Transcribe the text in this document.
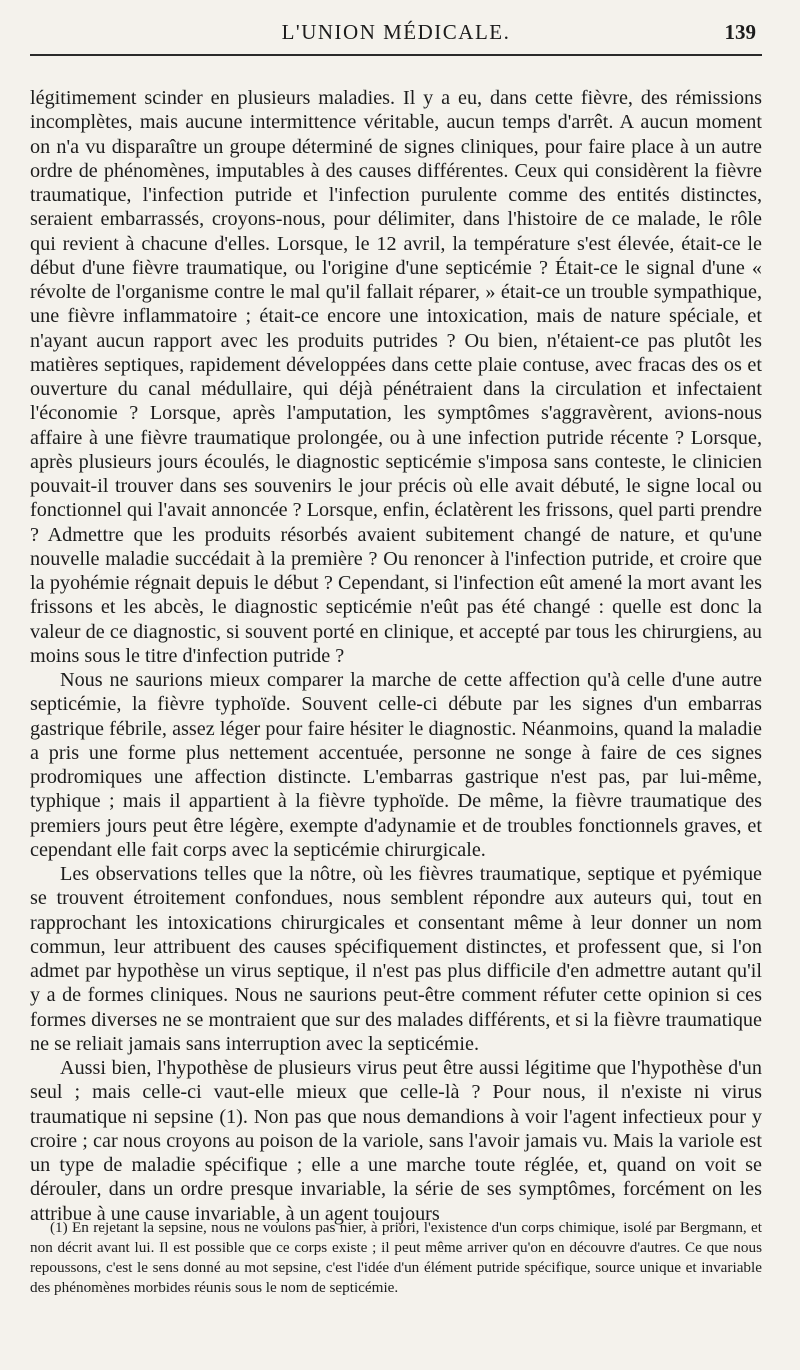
L'UNION MÉDICALE.	139

légitimement scinder en plusieurs maladies. Il y a eu, dans cette fièvre, des rémissions incomplètes, mais aucune intermittence véritable, aucun temps d'arrêt. A aucun moment on n'a vu disparaître un groupe déterminé de signes cliniques, pour faire place à un autre ordre de phénomènes, imputables à des causes différentes. Ceux qui considèrent la fièvre traumatique, l'infection putride et l'infection purulente comme des entités distinctes, seraient embarrassés, croyons-nous, pour délimiter, dans l'histoire de ce malade, le rôle qui revient à chacune d'elles. Lorsque, le 12 avril, la température s'est élevée, était-ce le début d'une fièvre traumatique, ou l'origine d'une septicémie ? Était-ce le signal d'une « révolte de l'organisme contre le mal qu'il fallait réparer, » était-ce un trouble sympathique, une fièvre inflammatoire ; était-ce encore une intoxication, mais de nature spéciale, et n'ayant aucun rapport avec les produits putrides ? Ou bien, n'étaient-ce pas plutôt les matières septiques, rapidement développées dans cette plaie contuse, avec fracas des os et ouverture du canal médullaire, qui déjà pénétraient dans la circulation et infectaient l'économie ? Lorsque, après l'amputation, les symptômes s'aggravèrent, avions-nous affaire à une fièvre traumatique prolongée, ou à une infection putride récente ? Lorsque, après plusieurs jours écoulés, le diagnostic septicémie s'imposa sans conteste, le clinicien pouvait-il trouver dans ses souvenirs le jour précis où elle avait débuté, le signe local ou fonctionnel qui l'avait annoncée ? Lorsque, enfin, éclatèrent les frissons, quel parti prendre ? Admettre que les produits résorbés avaient subitement changé de nature, et qu'une nouvelle maladie succédait à la première ? Ou renoncer à l'infection putride, et croire que la pyohémie régnait depuis le début ? Cependant, si l'infection eût amené la mort avant les frissons et les abcès, le diagnostic septicémie n'eût pas été changé : quelle est donc la valeur de ce diagnostic, si souvent porté en clinique, et accepté par tous les chirurgiens, au moins sous le titre d'infection putride ?

Nous ne saurions mieux comparer la marche de cette affection qu'à celle d'une autre septicémie, la fièvre typhoïde. Souvent celle-ci débute par les signes d'un embarras gastrique fébrile, assez léger pour faire hésiter le diagnostic. Néanmoins, quand la maladie a pris une forme plus nettement accentuée, personne ne songe à faire de ces signes prodromiques une affection distincte. L'embarras gastrique n'est pas, par lui-même, typhique ; mais il appartient à la fièvre typhoïde. De même, la fièvre traumatique des premiers jours peut être légère, exempte d'adynamie et de troubles fonctionnels graves, et cependant elle fait corps avec la septicémie chirurgicale.

Les observations telles que la nôtre, où les fièvres traumatique, septique et pyémique se trouvent étroitement confondues, nous semblent répondre aux auteurs qui, tout en rapprochant les intoxications chirurgicales et consentant même à leur donner un nom commun, leur attribuent des causes spécifiquement distinctes, et professent que, si l'on admet par hypothèse un virus septique, il n'est pas plus difficile d'en admettre autant qu'il y a de formes cliniques. Nous ne saurions peut-être comment réfuter cette opinion si ces formes diverses ne se montraient que sur des malades différents, et si la fièvre traumatique ne se reliait jamais sans interruption avec la septicémie.

Aussi bien, l'hypothèse de plusieurs virus peut être aussi légitime que l'hypothèse d'un seul ; mais celle-ci vaut-elle mieux que celle-là ? Pour nous, il n'existe ni virus traumatique ni sepsine (1). Non pas que nous demandions à voir l'agent infectieux pour y croire ; car nous croyons au poison de la variole, sans l'avoir jamais vu. Mais la variole est un type de maladie spécifique ; elle a une marche toute réglée, et, quand on voit se dérouler, dans un ordre presque invariable, la série de ses symptômes, forcément on les attribue à une cause invariable, à un agent toujours

(1) En rejetant la sepsine, nous ne voulons pas nier, à priori, l'existence d'un corps chimique, isolé par Bergmann, et non décrit avant lui. Il est possible que ce corps existe ; il peut même arriver qu'on en découvre d'autres. Ce que nous repoussons, c'est le sens donné au mot sepsine, c'est l'idée d'un élément putride spécifique, source unique et invariable des phénomènes morbides réunis sous le nom de septicémie.
